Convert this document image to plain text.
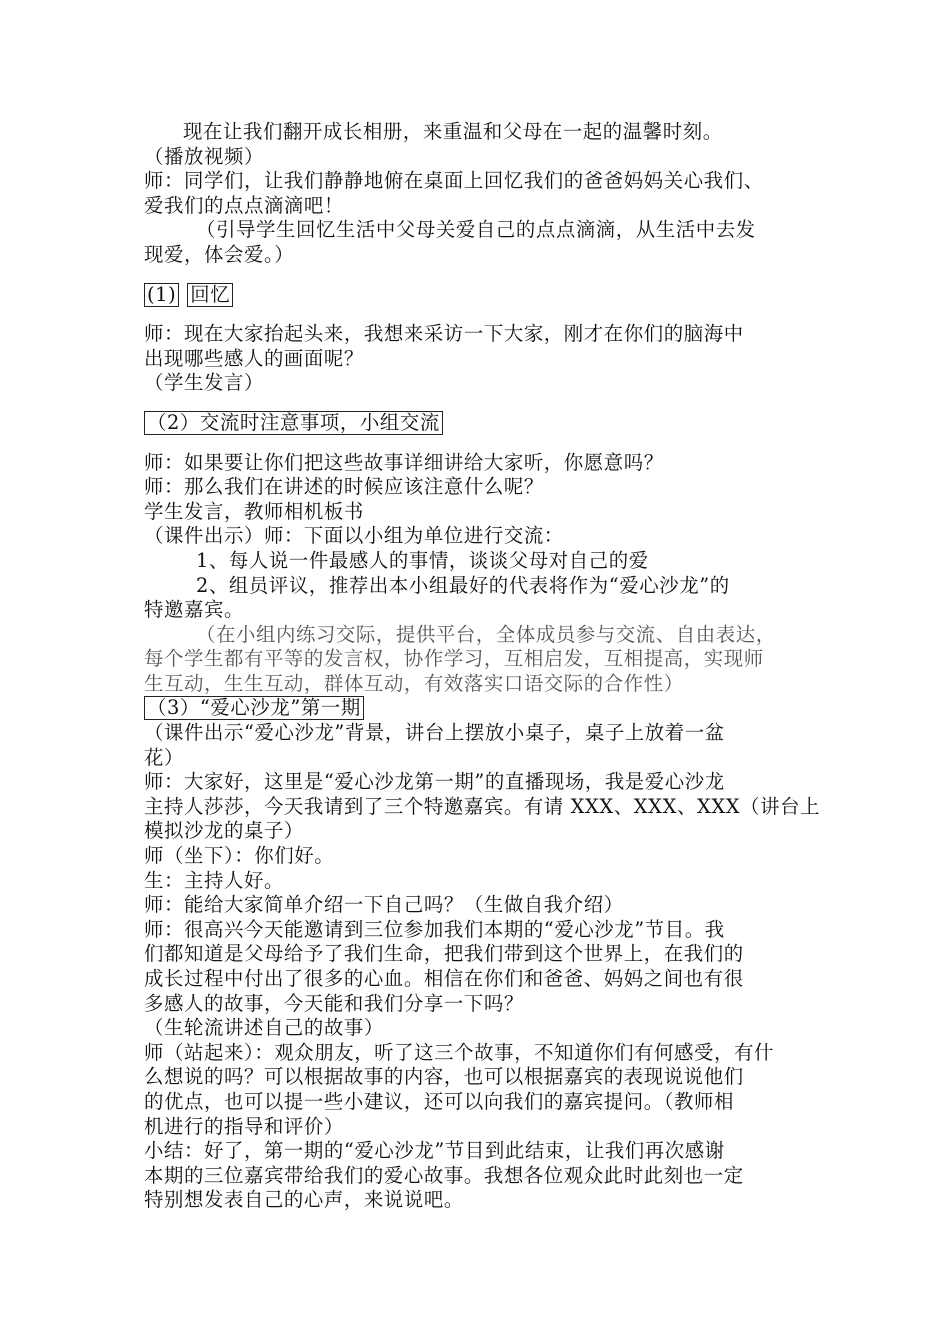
现在让我们翻开成长相册，来重温和父母在一起的温馨时刻。
（播放视频）
师：同学们，让我们静静地俯在桌面上回忆我们的爸爸妈妈关心我们、
爱我们的点点滴滴吧！
（引导学生回忆生活中父母关爱自己的点点滴滴，从生活中去发
现爱，体会爱。）
(1) 回忆
师：现在大家抬起头来，我想来采访一下大家，刚才在你们的脑海中
出现哪些感人的画面呢？
（学生发言）
（2）交流时注意事项，小组交流
师：如果要让你们把这些故事详细讲给大家听，你愿意吗？
师：那么我们在讲述的时候应该注意什么呢？
学生发言，教师相机板书
（课件出示）师：下面以小组为单位进行交流：
1、每人说一件最感人的事情，谈谈父母对自己的爱
2、组员评议，推荐出本小组最好的代表将作为“爱心沙龙”的
特邀嘉宾。
（在小组内练习交际，提供平台，全体成员参与交流、自由表达，
每个学生都有平等的发言权，协作学习，互相启发，互相提高，实现师
生互动，生生互动，群体互动，有效落实口语交际的合作性）
（3）“爱心沙龙”第一期
（课件出示“爱心沙龙”背景，讲台上摆放小桌子，桌子上放着一盆
花）
师：大家好，这里是“爱心沙龙第一期”的直播现场，我是爱心沙龙
主持人莎莎，今天我请到了三个特邀嘉宾。有请 XXX、XXX、XXX（讲台上
模拟沙龙的桌子）
师（坐下）：你们好。
生：主持人好。
师：能给大家简单介绍一下自己吗？（生做自我介绍）
师：很高兴今天能邀请到三位参加我们本期的“爱心沙龙”节目。我
们都知道是父母给予了我们生命，把我们带到这个世界上，在我们的
成长过程中付出了很多的心血。相信在你们和爸爸、妈妈之间也有很
多感人的故事，今天能和我们分享一下吗？
（生轮流讲述自己的故事）
师（站起来）：观众朋友，听了这三个故事，不知道你们有何感受，有什
么想说的吗？可以根据故事的内容，也可以根据嘉宾的表现说说他们
的优点，也可以提一些小建议，还可以向我们的嘉宾提问。（教师相
机进行的指导和评价）
小结：好了，第一期的“爱心沙龙”节目到此结束，让我们再次感谢
本期的三位嘉宾带给我们的爱心故事。我想各位观众此时此刻也一定
特别想发表自己的心声，来说说吧。
